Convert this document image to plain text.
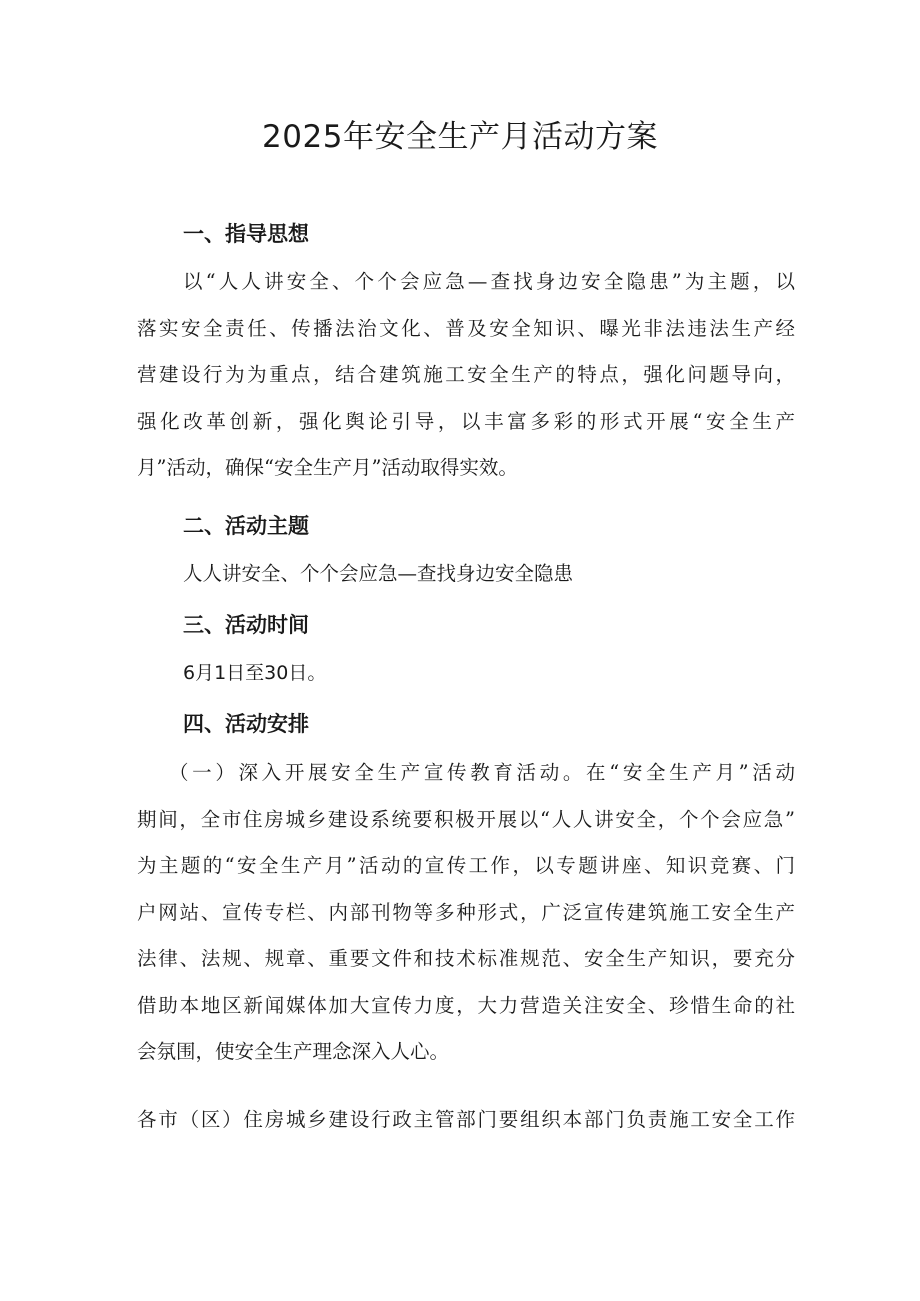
2025年安全生产月活动方案
一、指导思想
以“人人讲安全、个个会应急—查找身边安全隐患”为主题，以
落实安全责任、传播法治文化、普及安全知识、曝光非法违法生产经
营建设行为为重点，结合建筑施工安全生产的特点，强化问题导向，
强化改革创新，强化舆论引导，以丰富多彩的形式开展“安全生产
月”活动，确保“安全生产月”活动取得实效。
二、活动主题
人人讲安全、个个会应急—查找身边安全隐患
三、活动时间
6月1日至30日。
四、活动安排
（一）深入开展安全生产宣传教育活动。在“安全生产月”活动
期间，全市住房城乡建设系统要积极开展以“人人讲安全，个个会应急”
为主题的“安全生产月”活动的宣传工作，以专题讲座、知识竞赛、门
户网站、宣传专栏、内部刊物等多种形式，广泛宣传建筑施工安全生产
法律、法规、规章、重要文件和技术标准规范、安全生产知识，要充分
借助本地区新闻媒体加大宣传力度，大力营造关注安全、珍惜生命的社
会氛围，使安全生产理念深入人心。
各市（区）住房城乡建设行政主管部门要组织本部门负责施工安全工作
